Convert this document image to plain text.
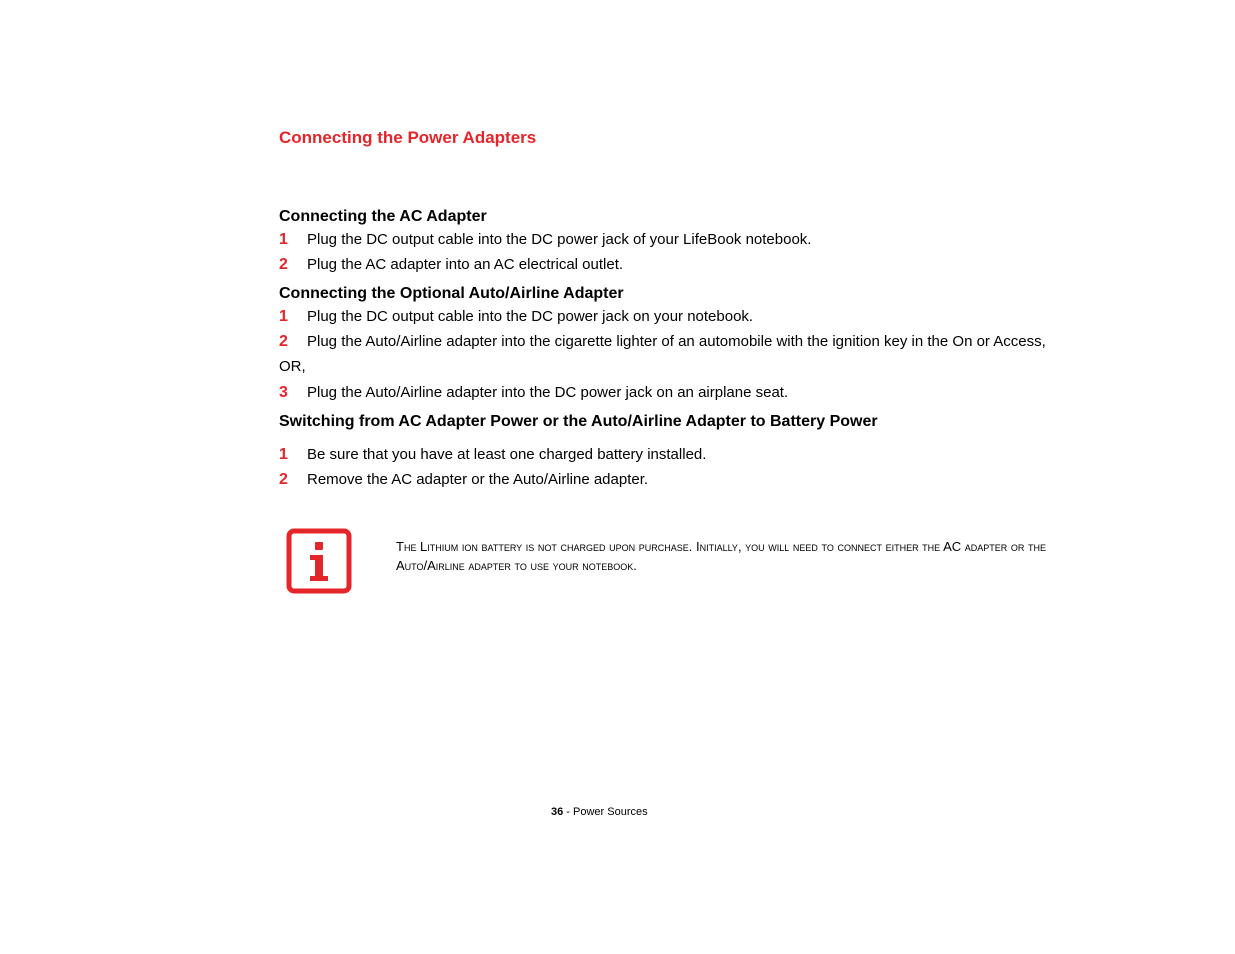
Connecting the Power Adapters
Connecting the AC Adapter
1 Plug the DC output cable into the DC power jack of your LifeBook notebook.
2 Plug the AC adapter into an AC electrical outlet.
Connecting the Optional Auto/Airline Adapter
1 Plug the DC output cable into the DC power jack on your notebook.
2 Plug the Auto/Airline adapter into the cigarette lighter of an automobile with the ignition key in the On or Access,
OR,
3 Plug the Auto/Airline adapter into the DC power jack on an airplane seat.
Switching from AC Adapter Power or the Auto/Airline Adapter to Battery Power
1 Be sure that you have at least one charged battery installed.
2 Remove the AC adapter or the Auto/Airline adapter.
The Lithium ion battery is not charged upon purchase. Initially, you will need to connect either the AC adapter or the Auto/Airline adapter to use your notebook.
36 - Power Sources
